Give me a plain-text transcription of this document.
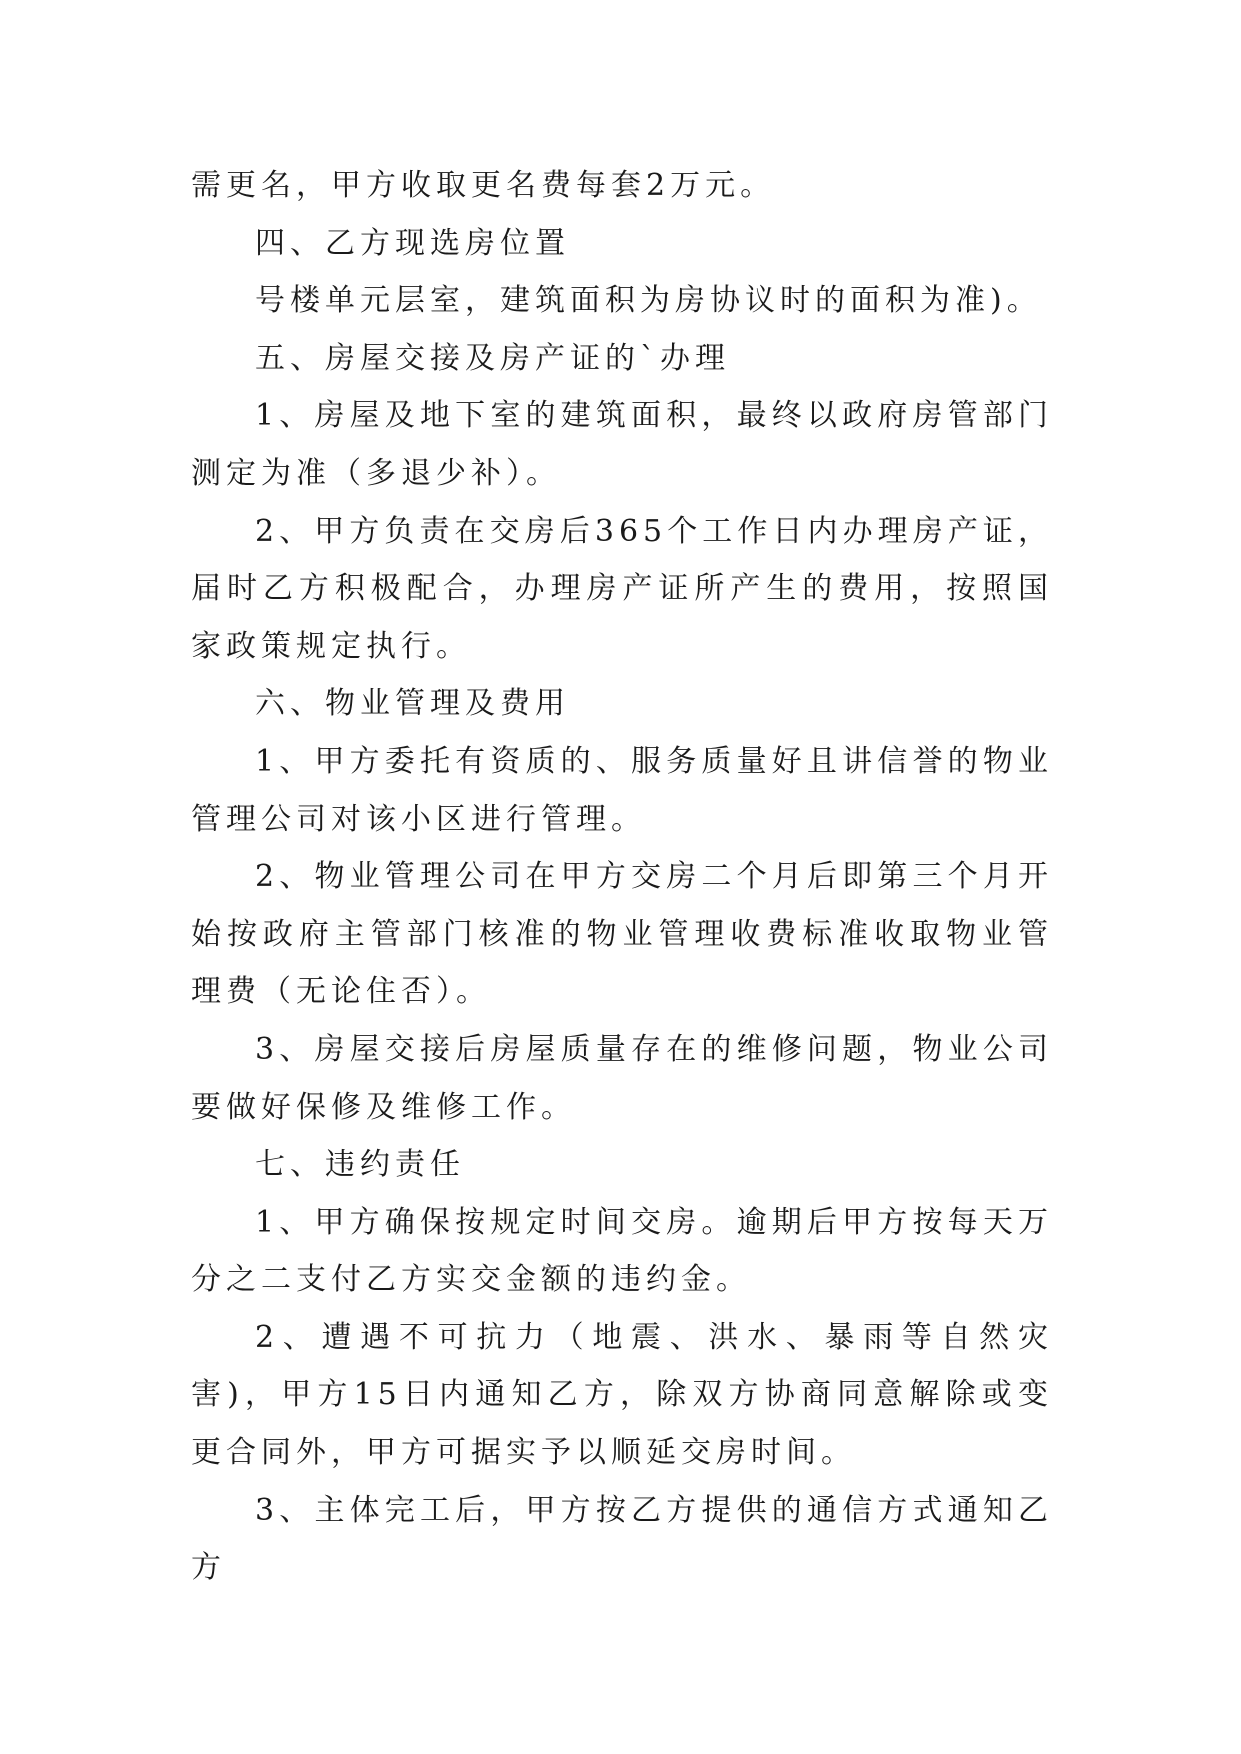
需更名，甲方收取更名费每套2万元。

四、乙方现选房位置

号楼单元层室，建筑面积为房协议时的面积为准)。

五、房屋交接及房产证的`办理

1、房屋及地下室的建筑面积，最终以政府房管部门测定为准（多退少补）。

2、甲方负责在交房后365个工作日内办理房产证，届时乙方积极配合，办理房产证所产生的费用，按照国家政策规定执行。

六、物业管理及费用

1、甲方委托有资质的、服务质量好且讲信誉的物业管理公司对该小区进行管理。

2、物业管理公司在甲方交房二个月后即第三个月开始按政府主管部门核准的物业管理收费标准收取物业管理费（无论住否）。

3、房屋交接后房屋质量存在的维修问题，物业公司要做好保修及维修工作。

七、违约责任

1、甲方确保按规定时间交房。逾期后甲方按每天万分之二支付乙方实交金额的违约金。

2、遭遇不可抗力（地震、洪水、暴雨等自然灾害)，甲方15日内通知乙方，除双方协商同意解除或变更合同外，甲方可据实予以顺延交房时间。

3、主体完工后，甲方按乙方提供的通信方式通知乙方
